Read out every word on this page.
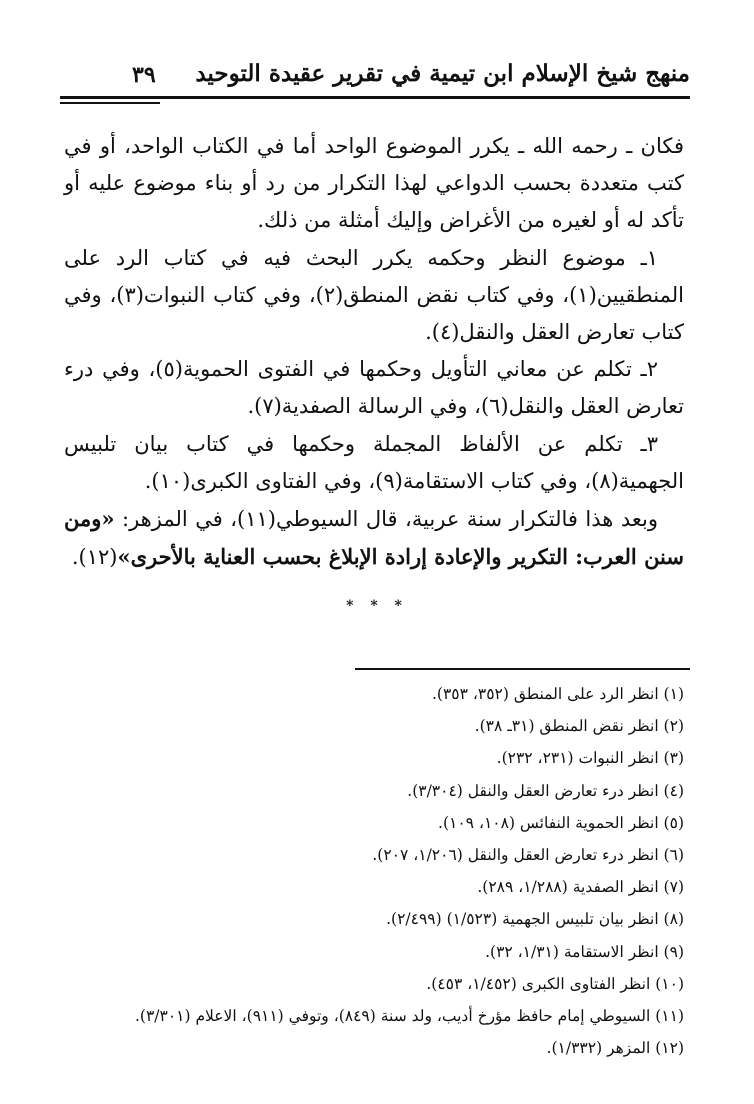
منهج شيخ الإسلام ابن تيمية في تقرير عقيدة التوحيد
٣٩

فكان ـ رحمه الله ـ يكرر الموضوع الواحد أما في الكتاب الواحد، أو في كتب متعددة بحسب الدواعي لهذا التكرار من رد أو بناء موضوع عليه أو تأكد له أو لغيره من الأغراض وإليك أمثلة من ذلك.

١ـ موضوع النظر وحكمه يكرر البحث فيه في كتاب الرد على المنطقيين(١)، وفي كتاب نقض المنطق(٢)، وفي كتاب النبوات(٣)، وفي كتاب تعارض العقل والنقل(٤).

٢ـ تكلم عن معاني التأويل وحكمها في الفتوى الحموية(٥)، وفي درء تعارض العقل والنقل(٦)، وفي الرسالة الصفدية(٧).

٣ـ تكلم عن الألفاظ المجملة وحكمها في كتاب بيان تلبيس الجهمية(٨)، وفي كتاب الاستقامة(٩)، وفي الفتاوى الكبرى(١٠).

وبعد هذا فالتكرار سنة عربية، قال السيوطي(١١)، في المزهر: «ومن سنن العرب: التكرير والإعادة إرادة الإبلاغ بحسب العناية بالأحرى»(١٢).

* * *
(١) انظر الرد على المنطق (٣٥٢، ٣٥٣).
(٢) انظر نقض المنطق (٣١ـ ٣٨).
(٣) انظر النبوات (٢٣١، ٢٣٢).
(٤) انظر درء تعارض العقل والنقل (٣/٣٠٤).
(٥) انظر الحموية النفائس (١٠٨، ١٠٩).
(٦) انظر درء تعارض العقل والنقل (١/٢٠٦، ٢٠٧).
(٧) انظر الصفدية (١/٢٨٨، ٢٨٩).
(٨) انظر بيان تلبيس الجهمية (١/٥٢٣) (٢/٤٩٩).
(٩) انظر الاستقامة (١/٣١، ٣٢).
(١٠) انظر الفتاوى الكبرى (١/٤٥٢، ٤٥٣).
(١١) السيوطي إمام حافظ مؤرخ أديب، ولد سنة (٨٤٩)، وتوفي (٩١١)، الاعلام (٣/٣٠١).
(١٢) المزهر (١/٣٣٢).
